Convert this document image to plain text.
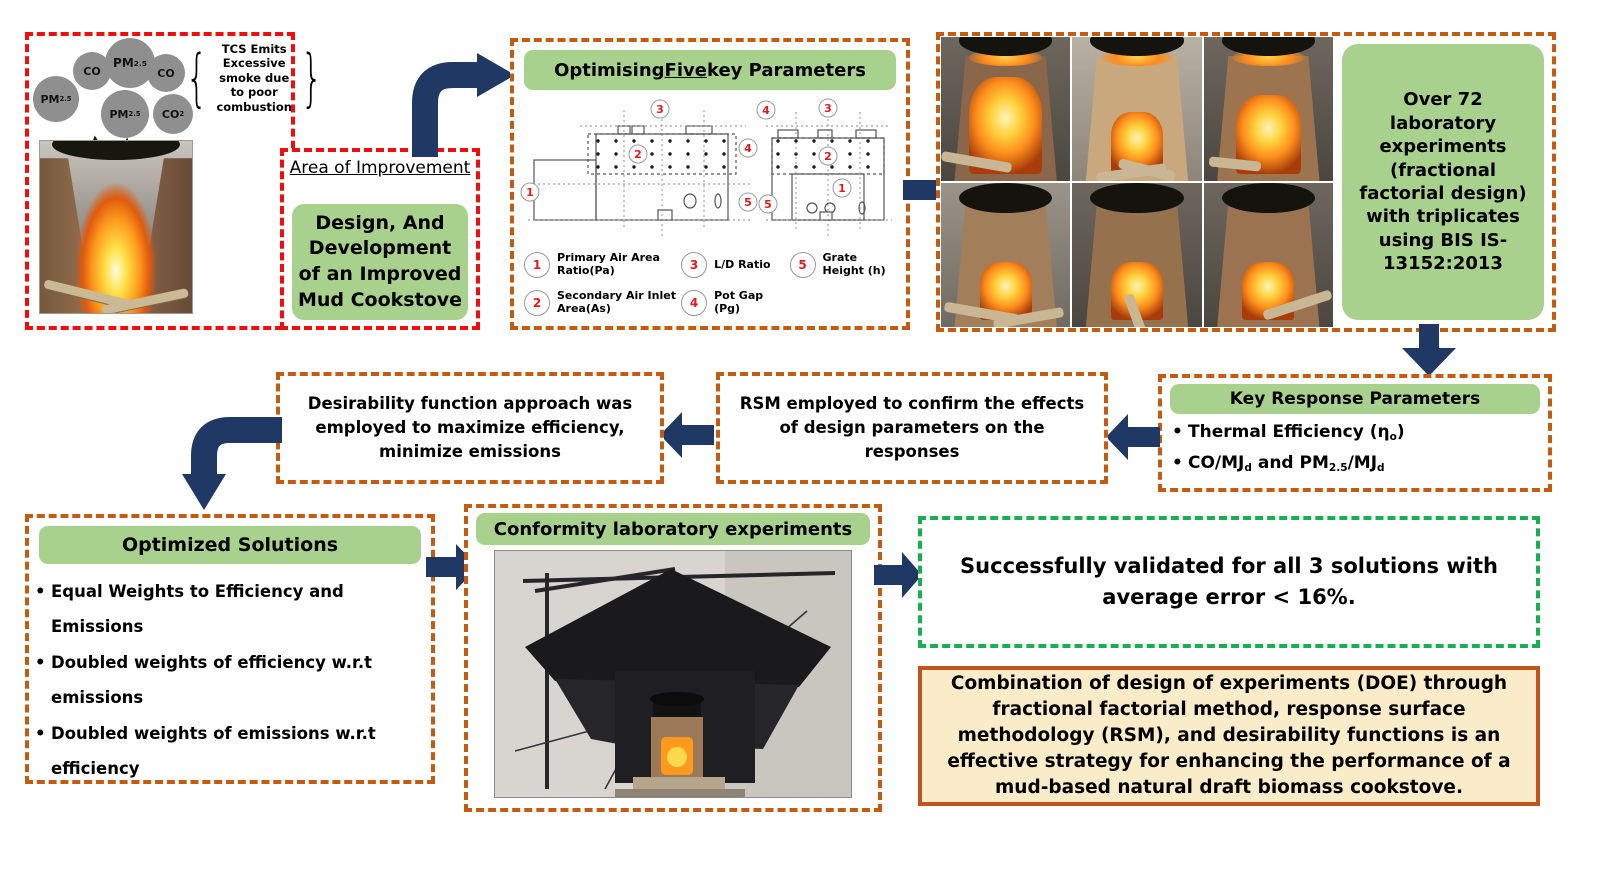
PM 2.5
CO
PM 2.5
CO
PM 2.5 CO 2
{	TCS Emits Excessive smoke due to poor combustion }
Area of Improvement
Design, And Development of an Improved Mud Cookstove
Optimising Five key Parameters
3
4
2
1
5
4	3
2
1
5
1
Primary Air Area Ratio(Pa)	3	L/D Ratio	5
Grate Height (h)
2
Secondary Air Inlet Area(As)	4
Pot Gap (Pg)
Over 72 laboratory experiments (fractional factorial design) with triplicates using BIS IS-13152:2013
Key Response Parameters
• Thermal Efficiency $(\eta_o)$
• $CO/MJ_d$ and $PM_{2.5}/MJ_d$
RSM employed to confirm the effects of design parameters on the responses
Desirability function approach was employed to maximize efficiency, minimize emissions
Optimized Solutions
• Equal Weights to Efficiency and Emissions
• Doubled weights of efficiency w.r.t emissions
• Doubled weights of emissions w.r.t efficiency
Conformity laboratory experiments
Successfully validated for all 3 solutions with average error < 16%.
Combination of design of experiments (DOE) through fractional factorial method, response surface methodology (RSM), and desirability functions is an effective strategy for enhancing the performance of a mud-based natural draft biomass cookstove.
